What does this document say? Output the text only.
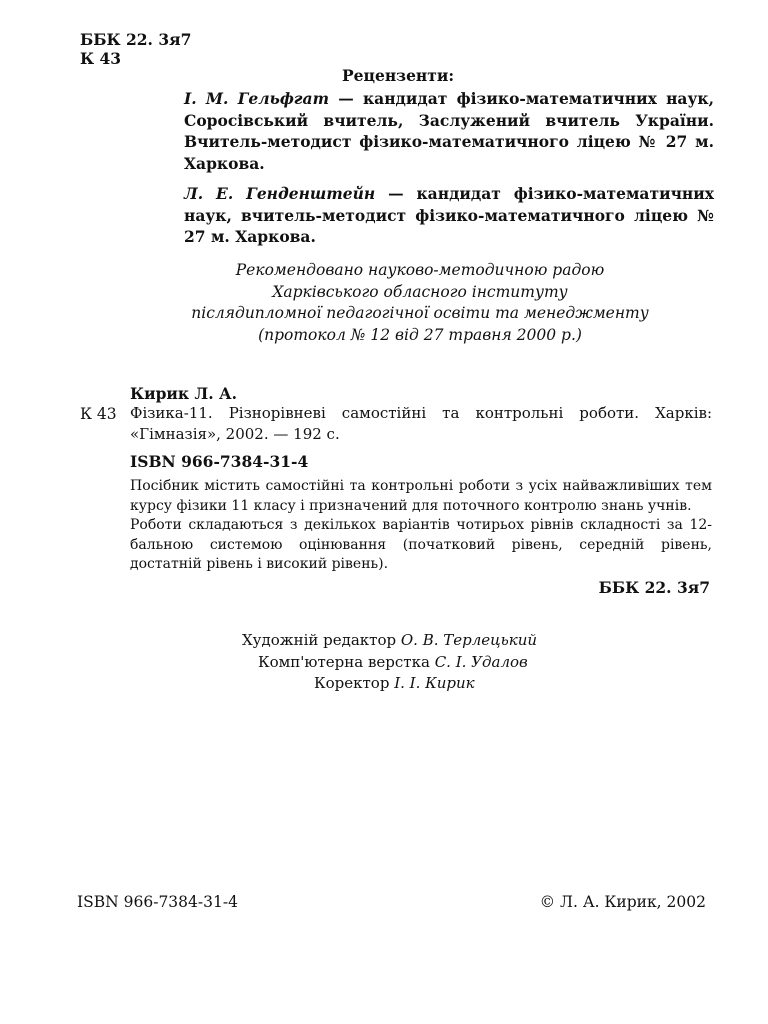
ББК 22. 3я7
К 43
Рецензенти:
І. М. Гельфгат — кандидат фізико-математичних наук, Соросівський вчитель, Заслужений вчитель України. Вчитель-методист фізико-математичного ліцею № 27 м. Харкова.
Л. Е. Генденштейн — кандидат фізико-математичних наук, вчитель-методист фізико-математичного ліцею № 27 м. Харкова.
Рекомендовано науково-методичною радою
Харківського обласного інституту
післядипломної педагогічної освіти та менеджменту
(протокол № 12 від 27 травня 2000 р.)
Кирик Л. А.
К 43 Фізика-11. Різнорівневі самостійні та контрольні роботи. Харків: «Гімназія», 2002. — 192 с.
ISBN 966-7384-31-4

Посібник містить самостійні та контрольні роботи з усіх найважливіших тем курсу фізики 11 класу і призначений для поточного контролю знань учнів.

Роботи складаються з декількох варіантів чотирьох рівнів складності за 12-бальною системою оцінювання (початковий рівень, середній рівень, достатній рівень і високий рівень).

ББК 22. 3я7
Художній редактор О. В. Терлецький
Комп'ютерна верстка С. І. Удалов
Коректор І. І. Кирик
ISBN 966-7384-31-4	© Л. А. Кирик, 2002
